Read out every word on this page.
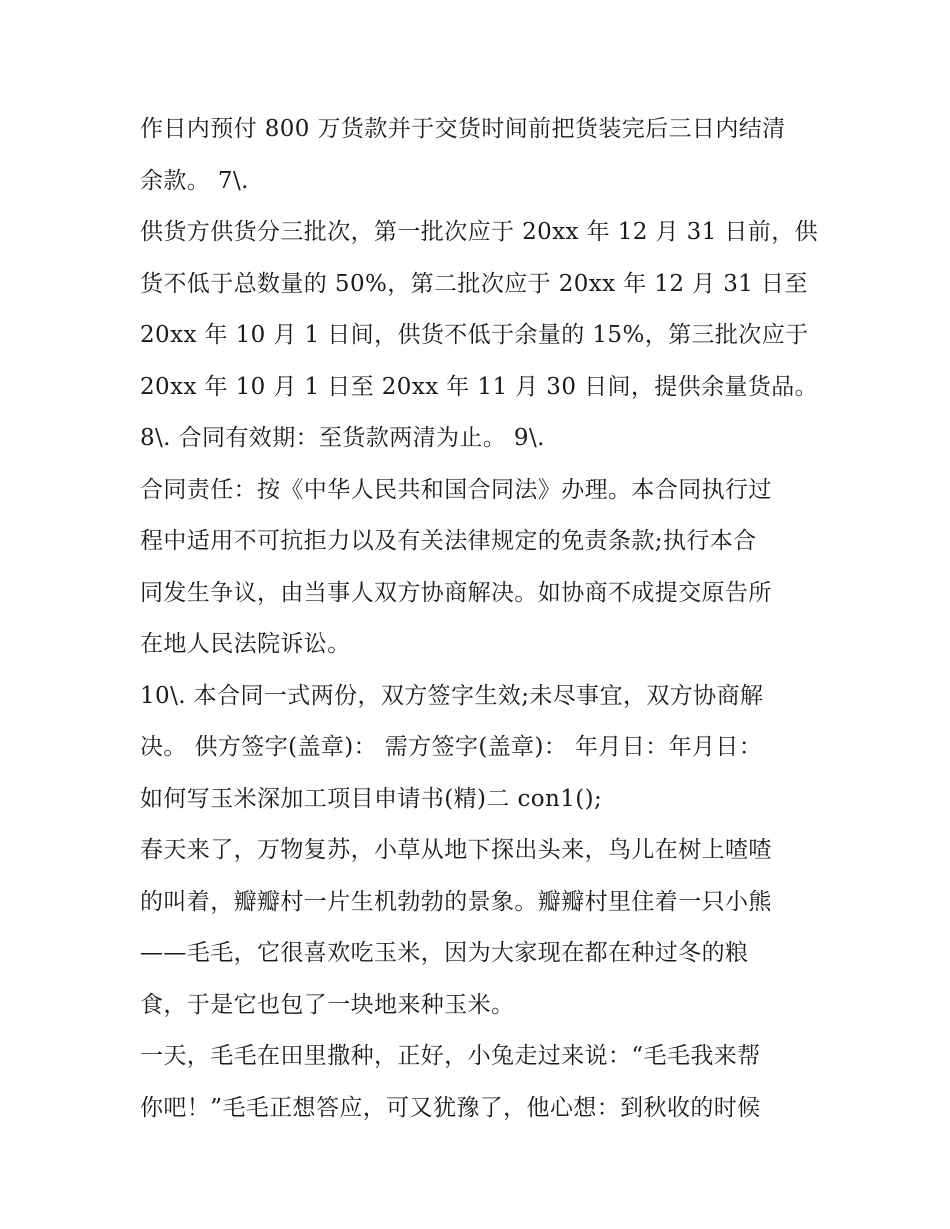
作日内预付 800 万货款并于交货时间前把货装完后三日内结清
余款。 7\.
供货方供货分三批次，第一批次应于 20xx 年 12 月 31 日前，供
货不低于总数量的 50%，第二批次应于 20xx 年 12 月 31 日至
20xx 年 10 月 1 日间，供货不低于余量的 15%，第三批次应于
20xx 年 10 月 1 日至 20xx 年 11 月 30 日间，提供余量货品。
8\. 合同有效期：至货款两清为止。 9\.
合同责任：按《中华人民共和国合同法》办理。本合同执行过
程中适用不可抗拒力以及有关法律规定的免责条款;执行本合
同发生争议，由当事人双方协商解决。如协商不成提交原告所
在地人民法院诉讼。
10\. 本合同一式两份，双方签字生效;未尽事宜，双方协商解
决。 供方签字(盖章)： 需方签字(盖章)： 年月日：年月日：
如何写玉米深加工项目申请书(精)二 con1();
春天来了，万物复苏，小草从地下探出头来，鸟儿在树上喳喳
的叫着，瓣瓣村一片生机勃勃的景象。瓣瓣村里住着一只小熊
——毛毛，它很喜欢吃玉米，因为大家现在都在种过冬的粮
食，于是它也包了一块地来种玉米。
一天，毛毛在田里撒种，正好，小兔走过来说：“毛毛我来帮
你吧！”毛毛正想答应，可又犹豫了，他心想：到秋收的时候
